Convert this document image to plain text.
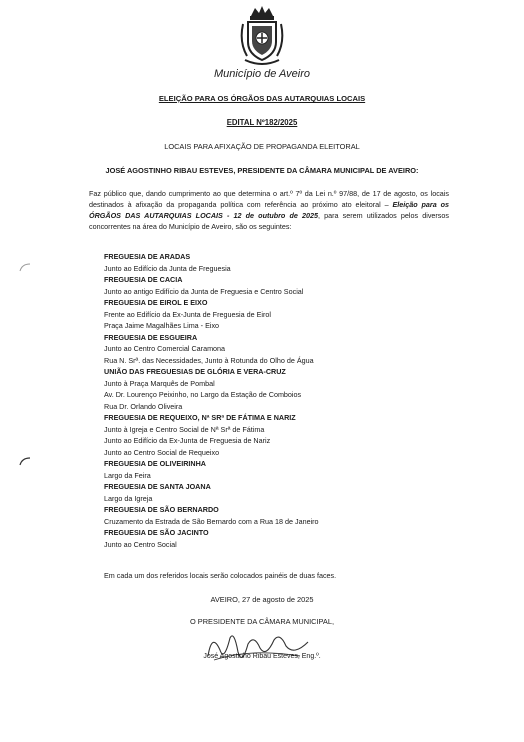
Município de Aveiro
ELEIÇÃO PARA OS ÓRGÃOS DAS AUTARQUIAS LOCAIS
EDITAL Nº182/2025
LOCAIS PARA AFIXAÇÃO DE PROPAGANDA ELEITORAL
JOSÉ AGOSTINHO RIBAU ESTEVES, PRESIDENTE DA CÂMARA MUNICIPAL DE AVEIRO:
Faz público que, dando cumprimento ao que determina o art.º 7º da Lei n.º 97/88, de 17 de agosto, os locais destinados à afixação da propaganda política com referência ao próximo ato eleitoral – Eleição para os ÓRGÃOS DAS AUTARQUIAS LOCAIS - 12 de outubro de 2025, para serem utilizados pelos diversos concorrentes na área do Município de Aveiro, são os seguintes:
FREGUESIA DE ARADAS
Junto ao Edifício da Junta de Freguesia
FREGUESIA DE CACIA
Junto ao antigo Edifício da Junta de Freguesia e Centro Social
FREGUESIA DE EIROL E EIXO
Frente ao Edifício da Ex-Junta de Freguesia de Eirol
Praça Jaime Magalhães Lima - Eixo
FREGUESIA DE ESGUEIRA
Junto ao Centro Comercial Caramona
Rua N. Srª. das Necessidades, Junto à Rotunda do Olho de Água
UNIÃO DAS FREGUESIAS DE GLÓRIA E VERA-CRUZ
Junto à Praça Marquês de Pombal
Av. Dr. Lourenço Peixinho, no Largo da Estação de Comboios
Rua Dr. Orlando Oliveira
FREGUESIA DE REQUEIXO, Nª SRª DE FÁTIMA E NARIZ
Junto à Igreja e Centro Social de Nª Srª de Fátima
Junto ao Edifício da Ex-Junta de Freguesia de Nariz
Junto ao Centro Social de Requeixo
FREGUESIA DE OLIVEIRINHA
Largo da Feira
FREGUESIA DE SANTA JOANA
Largo da Igreja
FREGUESIA DE SÃO BERNARDO
Cruzamento da Estrada de São Bernardo com a Rua 18 de Janeiro
FREGUESIA DE SÃO JACINTO
Junto ao Centro Social
Em cada um dos referidos locais serão colocados painéis de duas faces.
AVEIRO, 27 de agosto de 2025
O PRESIDENTE DA CÂMARA MUNICIPAL,
José Agostinho Ribau Esteves, Eng.º.
